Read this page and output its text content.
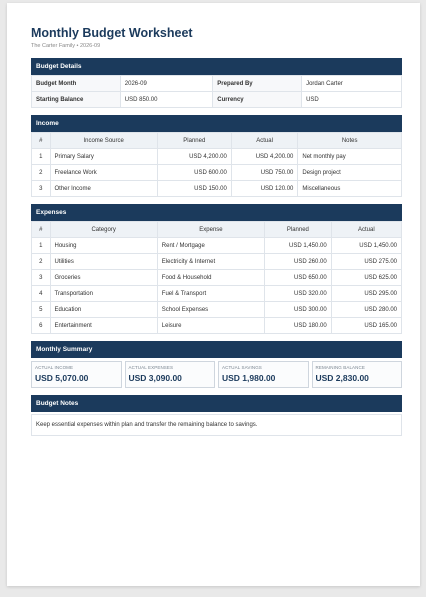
Monthly Budget Worksheet
The Carter Family • 2026-09
Budget Details
Budget Month	2026-09	Prepared By	Jordan Carter
Starting Balance	USD 850.00	Currency	USD
Income
#	Income Source	Planned	Actual	Notes
1	Primary Salary	USD 4,200.00	USD 4,200.00	Net monthly pay
2	Freelance Work	USD 600.00	USD 750.00	Design project
3	Other Income	USD 150.00	USD 120.00	Miscellaneous
Expenses
#	Category	Expense	Planned	Actual
1	Housing	Rent / Mortgage	USD 1,450.00	USD 1,450.00
2	Utilities	Electricity & Internet	USD 260.00	USD 275.00
3	Groceries	Food & Household	USD 650.00	USD 625.00
4	Transportation	Fuel & Transport	USD 320.00	USD 295.00
5	Education	School Expenses	USD 300.00	USD 280.00
6	Entertainment	Leisure	USD 180.00	USD 165.00
Monthly Summary
ACTUAL INCOME
USD 5,070.00
ACTUAL EXPENSES
USD 3,090.00
ACTUAL SAVINGS
USD 1,980.00
REMAINING BALANCE
USD 2,830.00
Budget Notes
Keep essential expenses within plan and transfer the remaining balance to savings.
